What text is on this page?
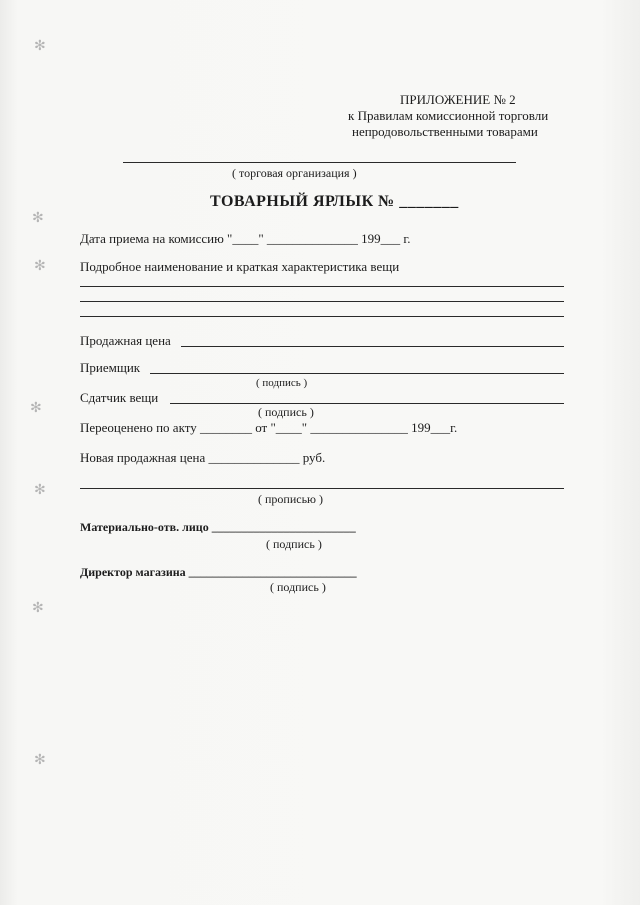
✻
✻
✻
✻
✻
✻
✻
ПРИЛОЖЕНИЕ № 2
к Правилам комиссионной торговли
непродовольственными товарами
( торговая организация )
ТОВАРНЫЙ ЯРЛЫК № _______
Дата приема на комиссию "____" ______________ 199___ г.
Подробное наименование и краткая характеристика вещи
Продажная цена
Приемщик
( подпись )
Сдатчик вещи
( подпись )
Переоценено по акту ________ от "____" _______________ 199___г.
Новая продажная цена ______________ руб.
( прописью )
Материально-отв. лицо ________________________
( подпись )
Директор магазина ____________________________
( подпись )
